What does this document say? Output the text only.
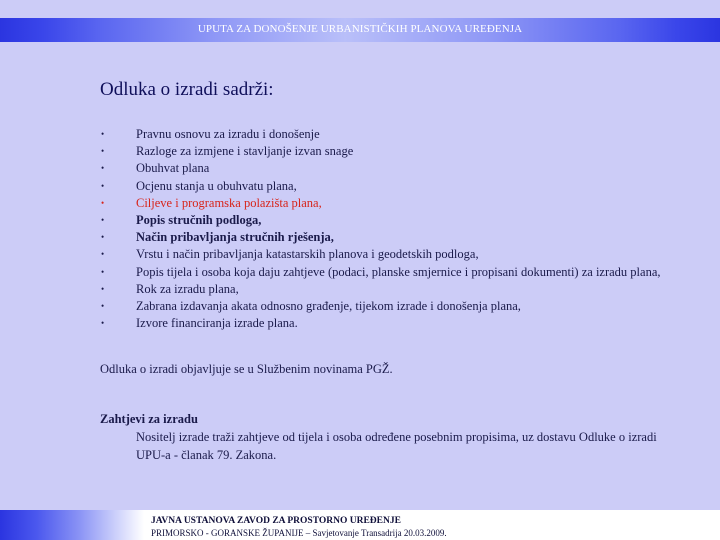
UPUTA ZA DONOŠENJE URBANISTIČKIH PLANOVA UREĐENJA
Odluka o izradi sadrži:
•	Pravnu osnovu za izradu i donošenje
•	Razloge za izmjene i stavljanje izvan snage
•	Obuhvat plana
•	Ocjenu stanja u obuhvatu plana,
•	Ciljeve i programska polazišta plana,
•	Popis stručnih podloga,
•	Način pribavljanja stručnih rješenja,
•	Vrstu i način pribavljanja katastarskih planova i geodetskih podloga,
•	Popis tijela i osoba koja daju zahtjeve (podaci, planske smjernice i propisani dokumenti) za izradu plana,
•	Rok za izradu plana,
•	Zabrana izdavanja akata odnosno građenje, tijekom izrade i donošenja plana,
•	Izvore financiranja izrade plana.
Odluka o izradi objavljuje se u Službenim novinama PGŽ.
Zahtjevi za izradu
Nositelj izrade traži zahtjeve od tijela i osoba određene posebnim propisima, uz dostavu Odluke o izradi UPU-a - članak 79. Zakona.
JAVNA USTANOVA ZAVOD ZA PROSTORNO UREĐENJE
PRIMORSKO - GORANSKE ŽUPANIJE – Savjetovanje Transadrija 20.03.2009.
